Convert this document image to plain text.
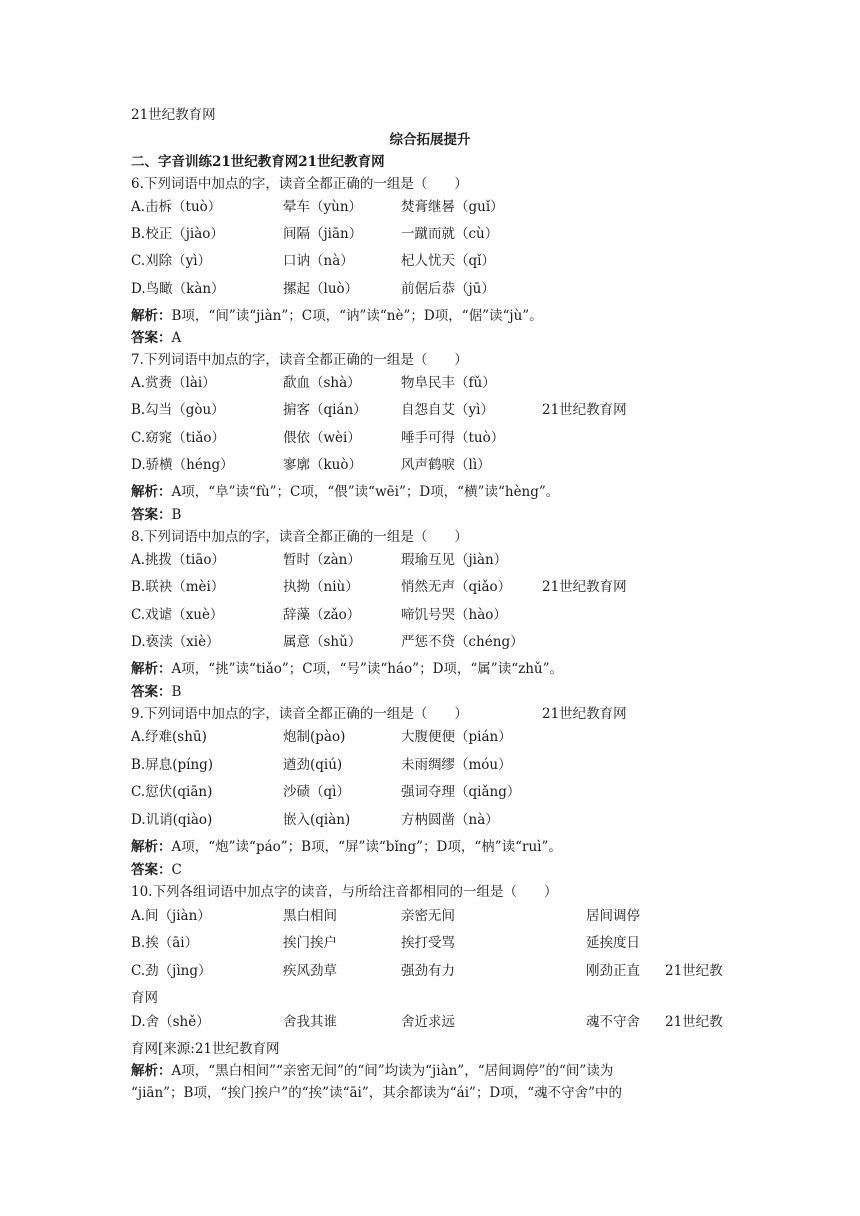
21世纪教育网
综合拓展提升
二、字音训练21世纪教育网21世纪教育网
6.下列词语中加点的字，读音全都正确的一组是（　　）
A.击柝（tuò）	晕车（yùn）	焚膏继晷（guǐ）
B.校正（jiào）	间隔（jiān）	一蹴而就（cù）
C.刈除（yì）	口讷（nà）	杞人忧天（qǐ）
D.鸟瞰（kàn）	摞起（luò）	前倨后恭（jū）
解析：B项，“间”读“jiàn”；C项，“讷”读“nè”；D项，“倨”读“jù”。
答案：A
7.下列词语中加点的字，读音全都正确的一组是（　　）
A.赏赉（lài）	歃血（shà）	物阜民丰（fǔ）
B.勾当（gòu）	掮客（qián）	自怨自艾（yì）	21世纪教育网
C.窈窕（tiǎo）	偎依（wèi）	唾手可得（tuò）
D.骄横（héng）	寥廓（kuò）	风声鹤唳（lì）
解析：A项，“阜”读“fù”；C项，“偎”读“wēi”；D项，“横”读“hèng”。
答案：B
8.下列词语中加点的字，读音全都正确的一组是（　　）
A.挑拨（tiāo）	暂时（zàn）	瑕瑜互见（jiàn）
B.联袂（mèi）	执拗（niù）	悄然无声（qiǎo） 21世纪教育网
C.戏谑（xuè）	辞藻（zǎo）	啼饥号哭（hào）
D.亵渎（xiè）	属意（shǔ）	严惩不贷（chéng）
解析：A项，“挑”读“tiǎo”；C项，“号”读“háo”；D项，“属”读“zhǔ”。
答案：B
9.下列词语中加点的字，读音全都正确的一组是（　　）	21世纪教育网
A.纾难(shū)	炮制(pào)	大腹便便（pián）
B.屏息(píng)	遒劲(qiú)	未雨绸缪（móu）
C.愆伏(qiān)	沙碛（qì）	强词夺理（qiǎng）
D.讥诮(qiào)	嵌入(qiàn)	方枘圆凿（nà）
解析：A项，“炮”读“páo”；B项，“屏”读“bǐng”；D项，“枘”读“ruì”。
答案：C
10.下列各组词语中加点字的读音，与所给注音都相同的一组是（　　）
A.间（jiàn）	黑白相间	亲密无间	居间调停
B.挨（āi）	挨门挨户	挨打受骂	延挨度日
C.劲（jìng）	疾风劲草	强劲有力	刚劲正直 21世纪教
育网
D.舍（shě）	舍我其谁	舍近求远	魂不守舍 21世纪教
育网[来源:21世纪教育网
解析：A项，“黑白相间”“亲密无间”的“间”均读为“jiàn”，“居间调停”的“间”读为
“jiān”；B项，“挨门挨户”的“挨”读“āi”，其余都读为“ái”；D项，“魂不守舍”中的
